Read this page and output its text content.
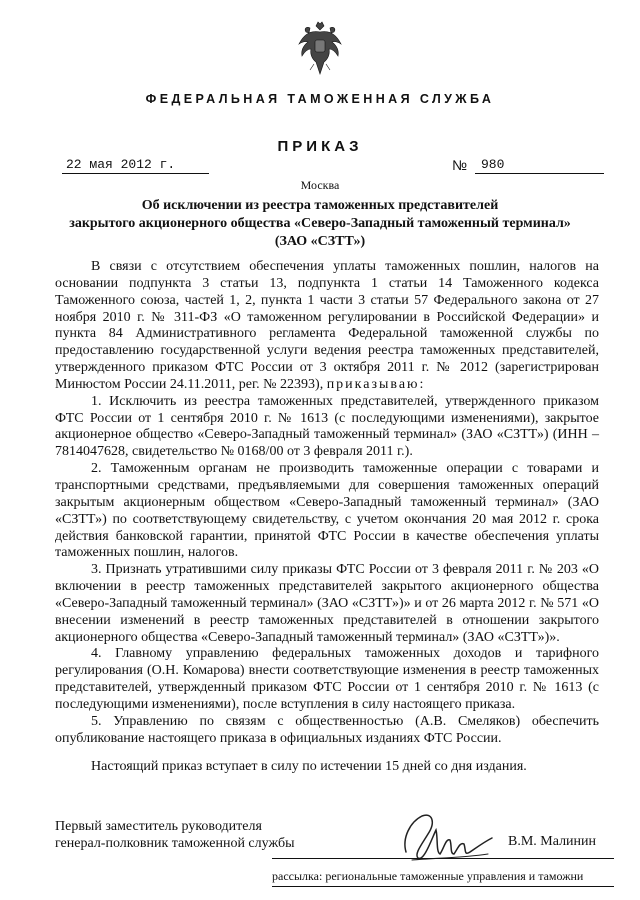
ФЕДЕРАЛЬНАЯ ТАМОЖЕННАЯ СЛУЖБА
ПРИКАЗ
22 мая 2012 г.	№	980
Москва
Об исключении из реестра таможенных представителей
закрытого акционерного общества «Северо-Западный таможенный терминал»
(ЗАО «СЗТТ»)

В связи с отсутствием обеспечения уплаты таможенных пошлин, налогов на основании подпункта 3 статьи 13, подпункта 1 статьи 14 Таможенного кодекса Таможенного союза, частей 1, 2, пункта 1 части 3 статьи 57 Федерального закона от 27 ноября 2010 г. № 311-ФЗ «О таможенном регулировании в Российской Федерации» и пункта 84 Административного регламента Федеральной таможенной службы по предоставлению государственной услуги ведения реестра таможенных представителей, утвержденного приказом ФТС России от 3 октября 2011 г. № 2012 (зарегистрирован Минюстом России 24.11.2011, рег. № 22393), приказываю:

1. Исключить из реестра таможенных представителей, утвержденного приказом ФТС России от 1 сентября 2010 г. № 1613 (с последующими изменениями), закрытое акционерное общество «Северо-Западный таможенный терминал» (ЗАО «СЗТТ») (ИНН – 7814047628, свидетельство № 0168/00 от 3 февраля 2011 г.).

2. Таможенным органам не производить таможенные операции с товарами и транспортными средствами, предъявляемыми для совершения таможенных операций закрытым акционерным обществом «Северо-Западный таможенный терминал» (ЗАО «СЗТТ») по соответствующему свидетельству, с учетом окончания 20 мая 2012 г. срока действия банковской гарантии, принятой ФТС России в качестве обеспечения уплаты таможенных пошлин, налогов.

3. Признать утратившими силу приказы ФТС России от 3 февраля 2011 г. № 203 «О включении в реестр таможенных представителей закрытого акционерного общества «Северо-Западный таможенный терминал» (ЗАО «СЗТТ»)» и от 26 марта 2012 г. № 571 «О внесении изменений в реестр таможенных представителей в отношении закрытого акционерного общества «Северо-Западный таможенный терминал» (ЗАО «СЗТТ»)».

4. Главному управлению федеральных таможенных доходов и тарифного регулирования (О.Н. Комарова) внести соответствующие изменения в реестр таможенных представителей, утвержденный приказом ФТС России от 1 сентября 2010 г. № 1613 (с последующими изменениями), после вступления в силу настоящего приказа.

5. Управлению по связям с общественностью (А.В. Смеляков) обеспечить опубликование настоящего приказа в официальных изданиях ФТС России.

Настоящий приказ вступает в силу по истечении 15 дней со дня издания.

Первый заместитель руководителя
генерал-полковник таможенной службы	В.М. Малинин
рассылка: региональные таможенные управления и таможни
